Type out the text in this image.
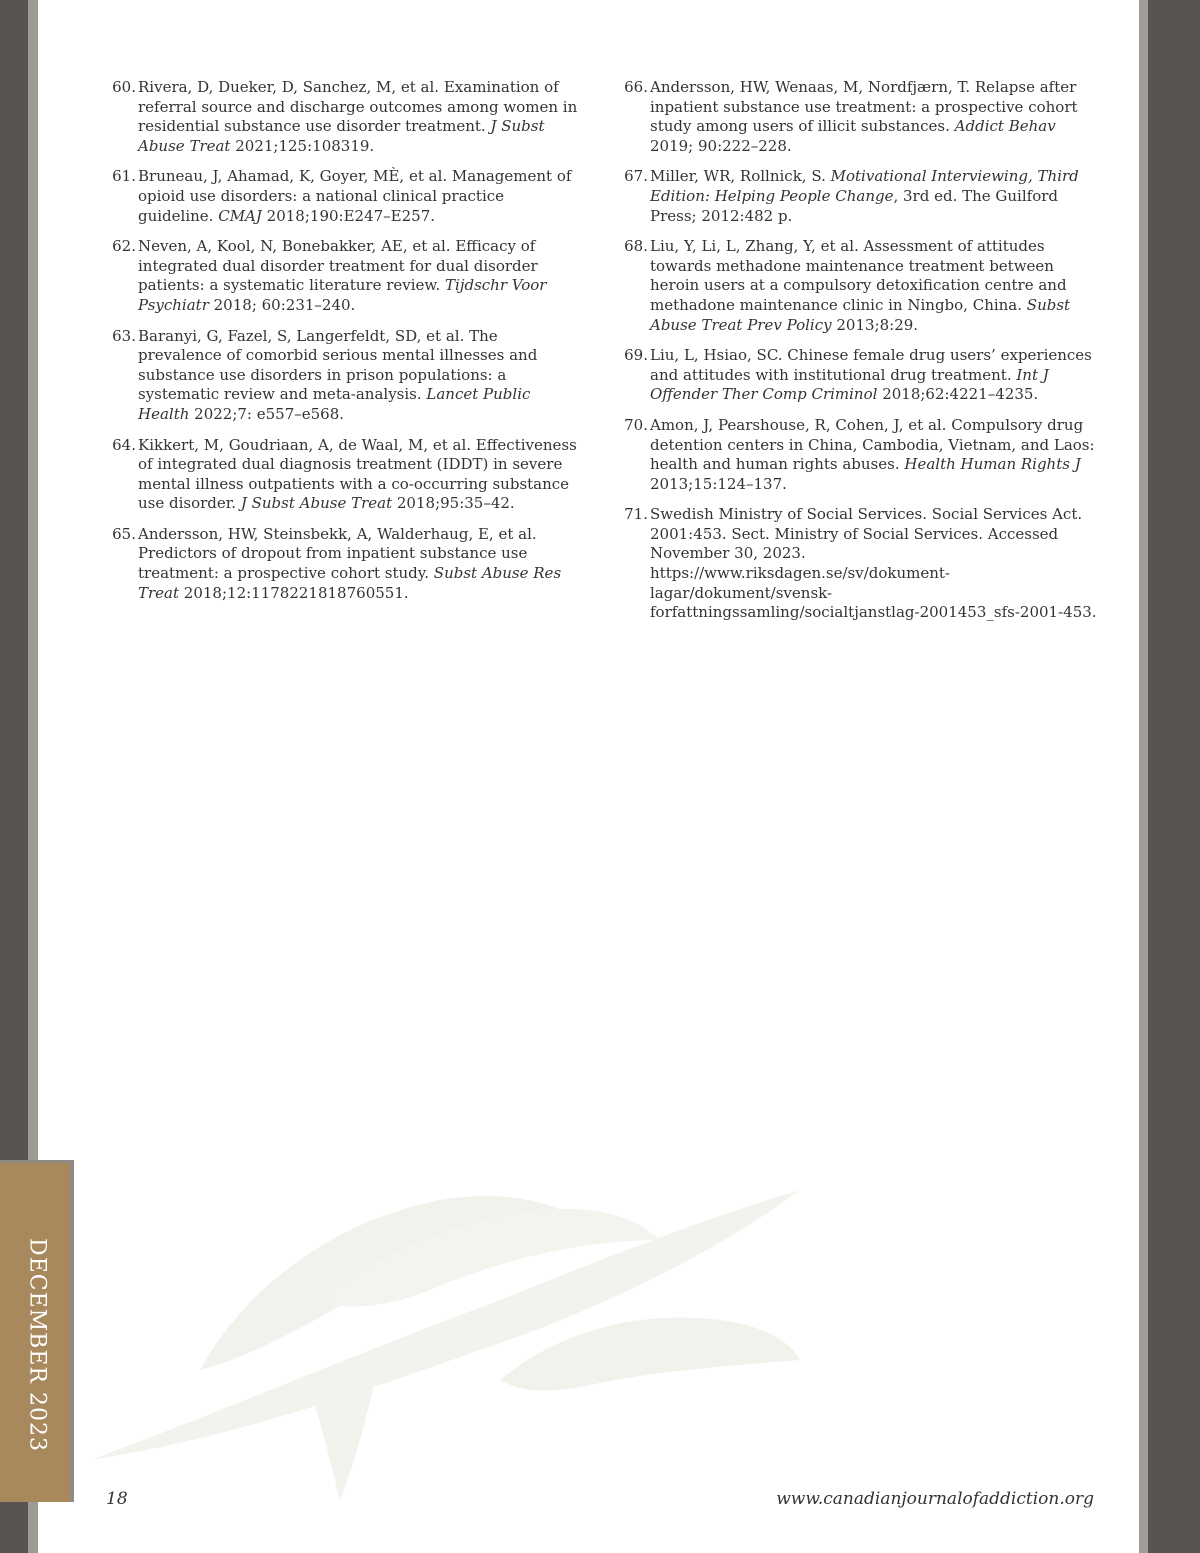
60. Rivera, D, Dueker, D, Sanchez, M, et al. Examination of referral source and discharge outcomes among women in residential substance use disorder treatment. J Subst Abuse Treat 2021;125:108319.
61. Bruneau, J, Ahamad, K, Goyer, MÈ, et al. Management of opioid use disorders: a national clinical practice guideline. CMAJ 2018;190:E247–E257.
62. Neven, A, Kool, N, Bonebakker, AE, et al. Efficacy of integrated dual disorder treatment for dual disorder patients: a systematic literature review. Tijdschr Voor Psychiatr 2018; 60:231–240.
63. Baranyi, G, Fazel, S, Langerfeldt, SD, et al. The prevalence of comorbid serious mental illnesses and substance use disorders in prison populations: a systematic review and meta-analysis. Lancet Public Health 2022;7: e557–e568.
64. Kikkert, M, Goudriaan, A, de Waal, M, et al. Effectiveness of integrated dual diagnosis treatment (IDDT) in severe mental illness outpatients with a co-occurring substance use disorder. J Subst Abuse Treat 2018;95:35–42.
65. Andersson, HW, Steinsbekk, A, Walderhaug, E, et al. Predictors of dropout from inpatient substance use treatment: a prospective cohort study. Subst Abuse Res Treat 2018;12:1178221818760551.
66. Andersson, HW, Wenaas, M, Nordfjærn, T. Relapse after inpatient substance use treatment: a prospective cohort study among users of illicit substances. Addict Behav 2019; 90:222–228.
67. Miller, WR, Rollnick, S. Motivational Interviewing, Third Edition: Helping People Change, 3rd ed. The Guilford Press; 2012:482 p.
68. Liu, Y, Li, L, Zhang, Y, et al. Assessment of attitudes towards methadone maintenance treatment between heroin users at a compulsory detoxification centre and methadone maintenance clinic in Ningbo, China. Subst Abuse Treat Prev Policy 2013;8:29.
69. Liu, L, Hsiao, SC. Chinese female drug users’ experiences and attitudes with institutional drug treatment. Int J Offender Ther Comp Criminol 2018;62:4221–4235.
70. Amon, J, Pearshouse, R, Cohen, J, et al. Compulsory drug detention centers in China, Cambodia, Vietnam, and Laos: health and human rights abuses. Health Human Rights J 2013;15:124–137.
71. Swedish Ministry of Social Services. Social Services Act. 2001:453. Sect. Ministry of Social Services. Accessed November 30, 2023. https://www.riksdagen.se/sv/dokument-lagar/dokument/svensk-forfattningssamling/socialtjanstlag-2001453_sfs-2001-453.
DECEMBER 2023
18	www.canadianjournalofaddiction.org
